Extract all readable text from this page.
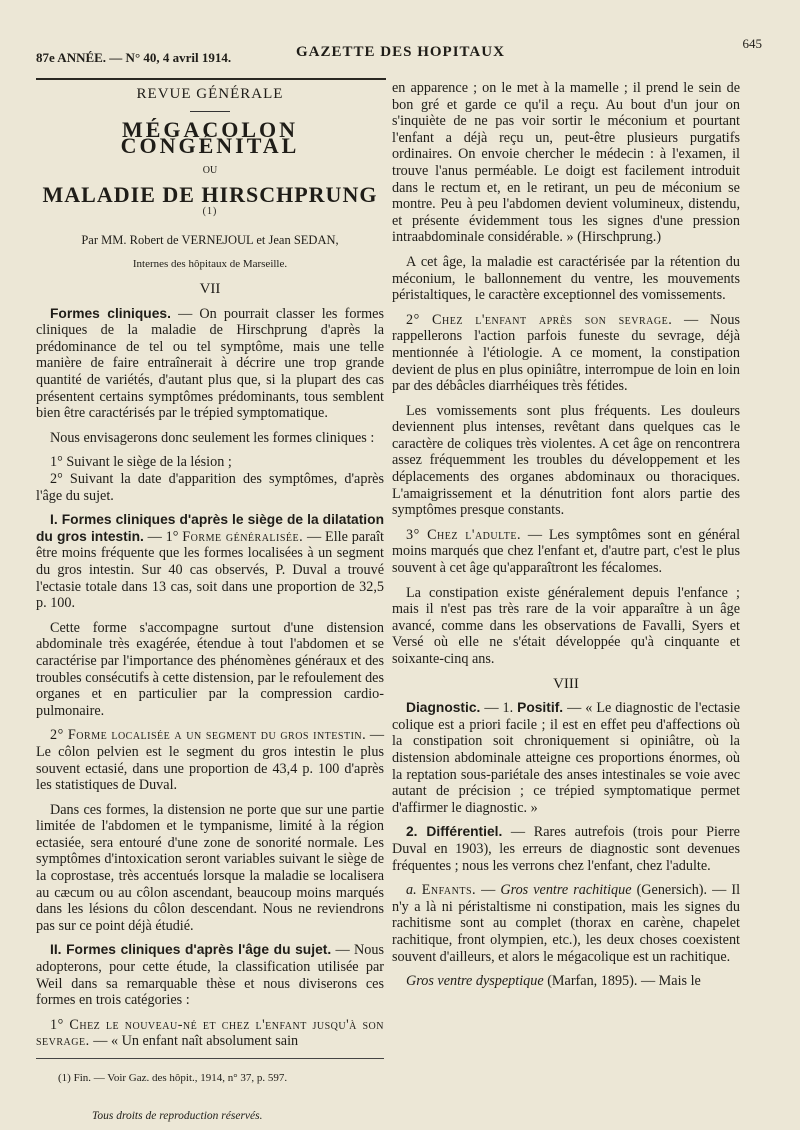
87e ANNÉE. — N° 40, 4 avril 1914.	GAZETTE DES HOPITAUX
645

REVUE GÉNÉRALE

MÉGACOLON CONGÉNITAL

OU

MALADIE DE HIRSCHPRUNG $^{(1)}$

Par MM. Robert de VERNEJOUL et Jean SEDAN,

Internes des hôpitaux de Marseille.

VII

Formes cliniques. — On pourrait classer les formes cliniques de la maladie de Hirschprung d'après la prédominance de tel ou tel symptôme, mais une telle manière de faire entraînerait à décrire une trop grande quantité de variétés, d'autant plus que, si la plupart des cas présentent certains symptômes prédominants, tous semblent bien être caractérisés par le trépied symptomatique.

Nous envisagerons donc seulement les formes cliniques :

1° Suivant le siège de la lésion ;

2° Suivant la date d'apparition des symptômes, d'après l'âge du sujet.

I. Formes cliniques d'après le siège de la dilatation du gros intestin. — 1° Forme généralisée. — Elle paraît être moins fréquente que les formes localisées à un segment du gros intestin. Sur 40 cas observés, P. Duval a trouvé l'ectasie totale dans 13 cas, soit dans une proportion de 32,5 p. 100.

Cette forme s'accompagne surtout d'une distension abdominale très exagérée, étendue à tout l'abdomen et se caractérise par l'importance des phénomènes généraux et des troubles consécutifs à cette distension, par le refoulement des organes et en particulier par la compression cardio-pulmonaire.

2° Forme localisée a un segment du gros intestin. — Le côlon pelvien est le segment du gros intestin le plus souvent ectasié, dans une proportion de 43,4 p. 100 d'après les statistiques de Duval.

Dans ces formes, la distension ne porte que sur une partie limitée de l'abdomen et le tympanisme, limité à la région ectasiée, sera entouré d'une zone de sonorité normale. Les symptômes d'intoxication seront variables suivant le siège de la coprostase, très accentués lorsque la maladie se localisera au cæcum ou au côlon ascendant, beaucoup moins marqués dans les lésions du côlon descendant. Nous ne reviendrons pas sur ce point déjà étudié.

II. Formes cliniques d'après l'âge du sujet. — Nous adopterons, pour cette étude, la classification utilisée par Weil dans sa remarquable thèse et nous diviserons ces formes en trois catégories :

1° Chez le nouveau-né et chez l'enfant jusqu'à son sevrage. — « Un enfant naît absolument sain

(1) Fin. — Voir Gaz. des hôpit., 1914, n° 37, p. 597.
Tous droits de reproduction réservés.

en apparence ; on le met à la mamelle ; il prend le sein de bon gré et garde ce qu'il a reçu. Au bout d'un jour on s'inquiète de ne pas voir sortir le méconium et pourtant l'enfant a déjà reçu un, peut-être plusieurs purgatifs ordinaires. On envoie chercher le médecin : à l'examen, il trouve l'anus perméable. Le doigt est facilement introduit dans le rectum et, en le retirant, un peu de méconium se montre. Peu à peu l'abdomen devient volumineux, distendu, et présente évidemment tous les signes d'une pression intraabdominale considérable. » (Hirschprung.)

A cet âge, la maladie est caractérisée par la rétention du méconium, le ballonnement du ventre, les mouvements péristaltiques, le caractère exceptionnel des vomissements.

2° Chez l'enfant après son sevrage. — Nous rappellerons l'action parfois funeste du sevrage, déjà mentionnée à l'étiologie. A ce moment, la constipation devient de plus en plus opiniâtre, interrompue de loin en loin par des débâcles diarrhéiques très fétides.

Les vomissements sont plus fréquents. Les douleurs deviennent plus intenses, revêtant dans quelques cas le caractère de coliques très violentes. A cet âge on rencontrera assez fréquemment les troubles du développement et les déplacements des organes abdominaux ou thoraciques. L'amaigrissement et la dénutrition font alors partie des symptômes presque constants.

3° Chez l'adulte. — Les symptômes sont en général moins marqués que chez l'enfant et, d'autre part, c'est le plus souvent à cet âge qu'apparaîtront les fécalomes.

La constipation existe généralement depuis l'enfance ; mais il n'est pas très rare de la voir apparaître à un âge avancé, comme dans les observations de Favalli, Syers et Versé où elle ne s'était développée qu'à cinquante et soixante-cinq ans.

VIII

Diagnostic. — 1. Positif. — « Le diagnostic de l'ectasie colique est a priori facile ; il est en effet peu d'affections où la constipation soit chroniquement si opiniâtre, où la distension abdominale atteigne ces proportions énormes, où la reptation sous-pariétale des anses intestinales se voie avec autant de précision ; ce trépied symptomatique permet d'affirmer le diagnostic. »

2. Différentiel. — Rares autrefois (trois pour Pierre Duval en 1903), les erreurs de diagnostic sont devenues fréquentes ; nous les verrons chez l'enfant, chez l'adulte.

a. Enfants. — Gros ventre rachitique (Genersich). — Il n'y a là ni péristaltisme ni constipation, mais les signes du rachitisme sont au complet (thorax en carène, chapelet rachitique, front olympien, etc.), les deux choses coexistent souvent d'ailleurs, et alors le mégacolique est un rachitique.

Gros ventre dyspeptique (Marfan, 1895). — Mais le
